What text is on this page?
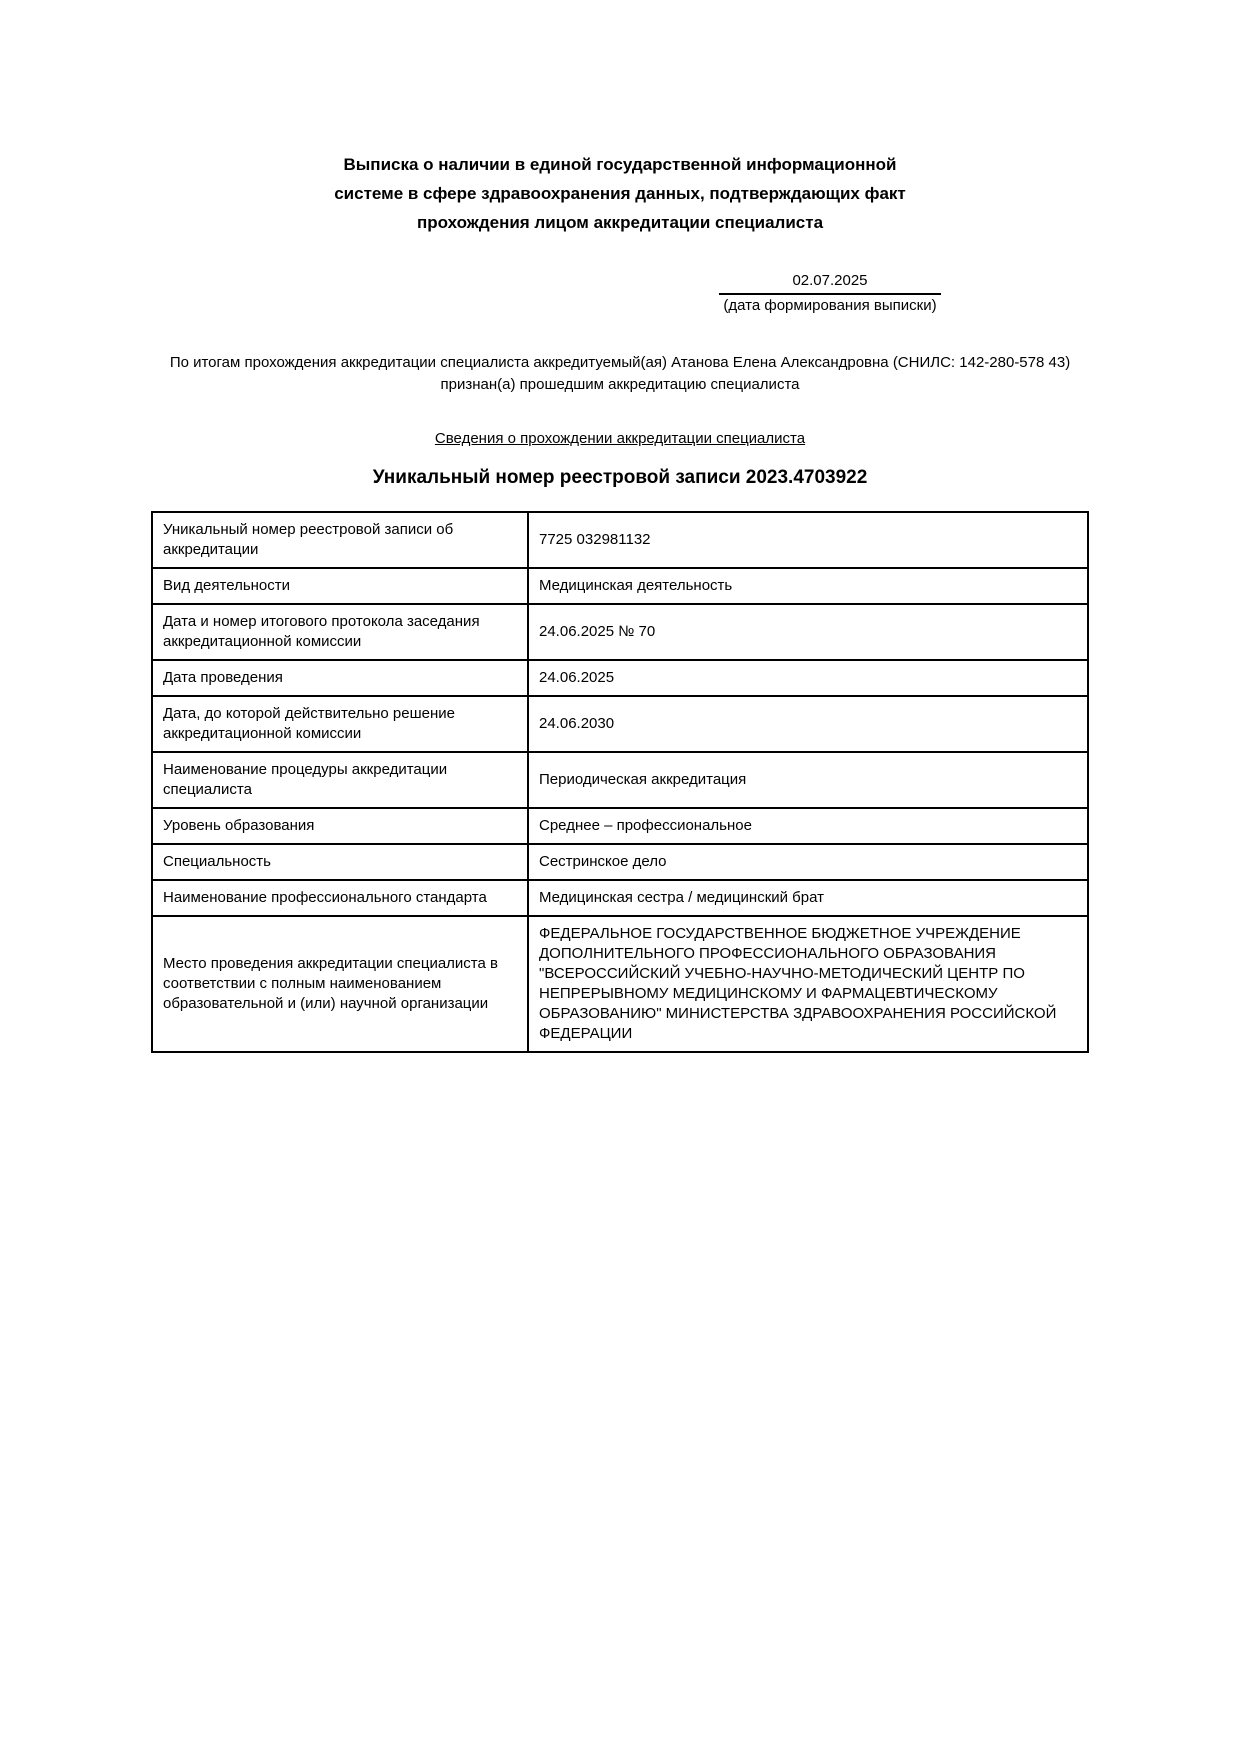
Выписка о наличии в единой государственной информационной
системе в сфере здравоохранения данных, подтверждающих факт
прохождения лицом аккредитации специалиста
02.07.2025
(дата формирования выписки)

По итогам прохождения аккредитации специалиста аккредитуемый(ая) Атанова Елена Александровна (СНИЛС: 142-280-578 43) признан(а) прошедшим аккредитацию специалиста

Сведения о прохождении аккредитации специалиста
Уникальный номер реестровой записи 2023.4703922
Уникальный номер реестровой записи об аккредитации	7725 032981132
Вид деятельности	Медицинская деятельность
Дата и номер итогового протокола заседания аккредитационной комиссии	24.06.2025 № 70
Дата проведения	24.06.2025
Дата, до которой действительно решение аккредитационной комиссии	24.06.2030
Наименование процедуры аккредитации специалиста	Периодическая аккредитация
Уровень образования	Среднее – профессиональное
Специальность	Сестринское дело
Наименование профессионального стандарта	Медицинская сестра / медицинский брат
Место проведения аккредитации специалиста в соответствии с полным наименованием образовательной и (или) научной организации	ФЕДЕРАЛЬНОЕ ГОСУДАРСТВЕННОЕ БЮДЖЕТНОЕ УЧРЕЖДЕНИЕ ДОПОЛНИТЕЛЬНОГО ПРОФЕССИОНАЛЬНОГО ОБРАЗОВАНИЯ "ВСЕРОССИЙСКИЙ УЧЕБНО-НАУЧНО-МЕТОДИЧЕСКИЙ ЦЕНТР ПО НЕПРЕРЫВНОМУ МЕДИЦИНСКОМУ И ФАРМАЦЕВТИЧЕСКОМУ ОБРАЗОВАНИЮ" МИНИСТЕРСТВА ЗДРАВООХРАНЕНИЯ РОССИЙСКОЙ ФЕДЕРАЦИИ
